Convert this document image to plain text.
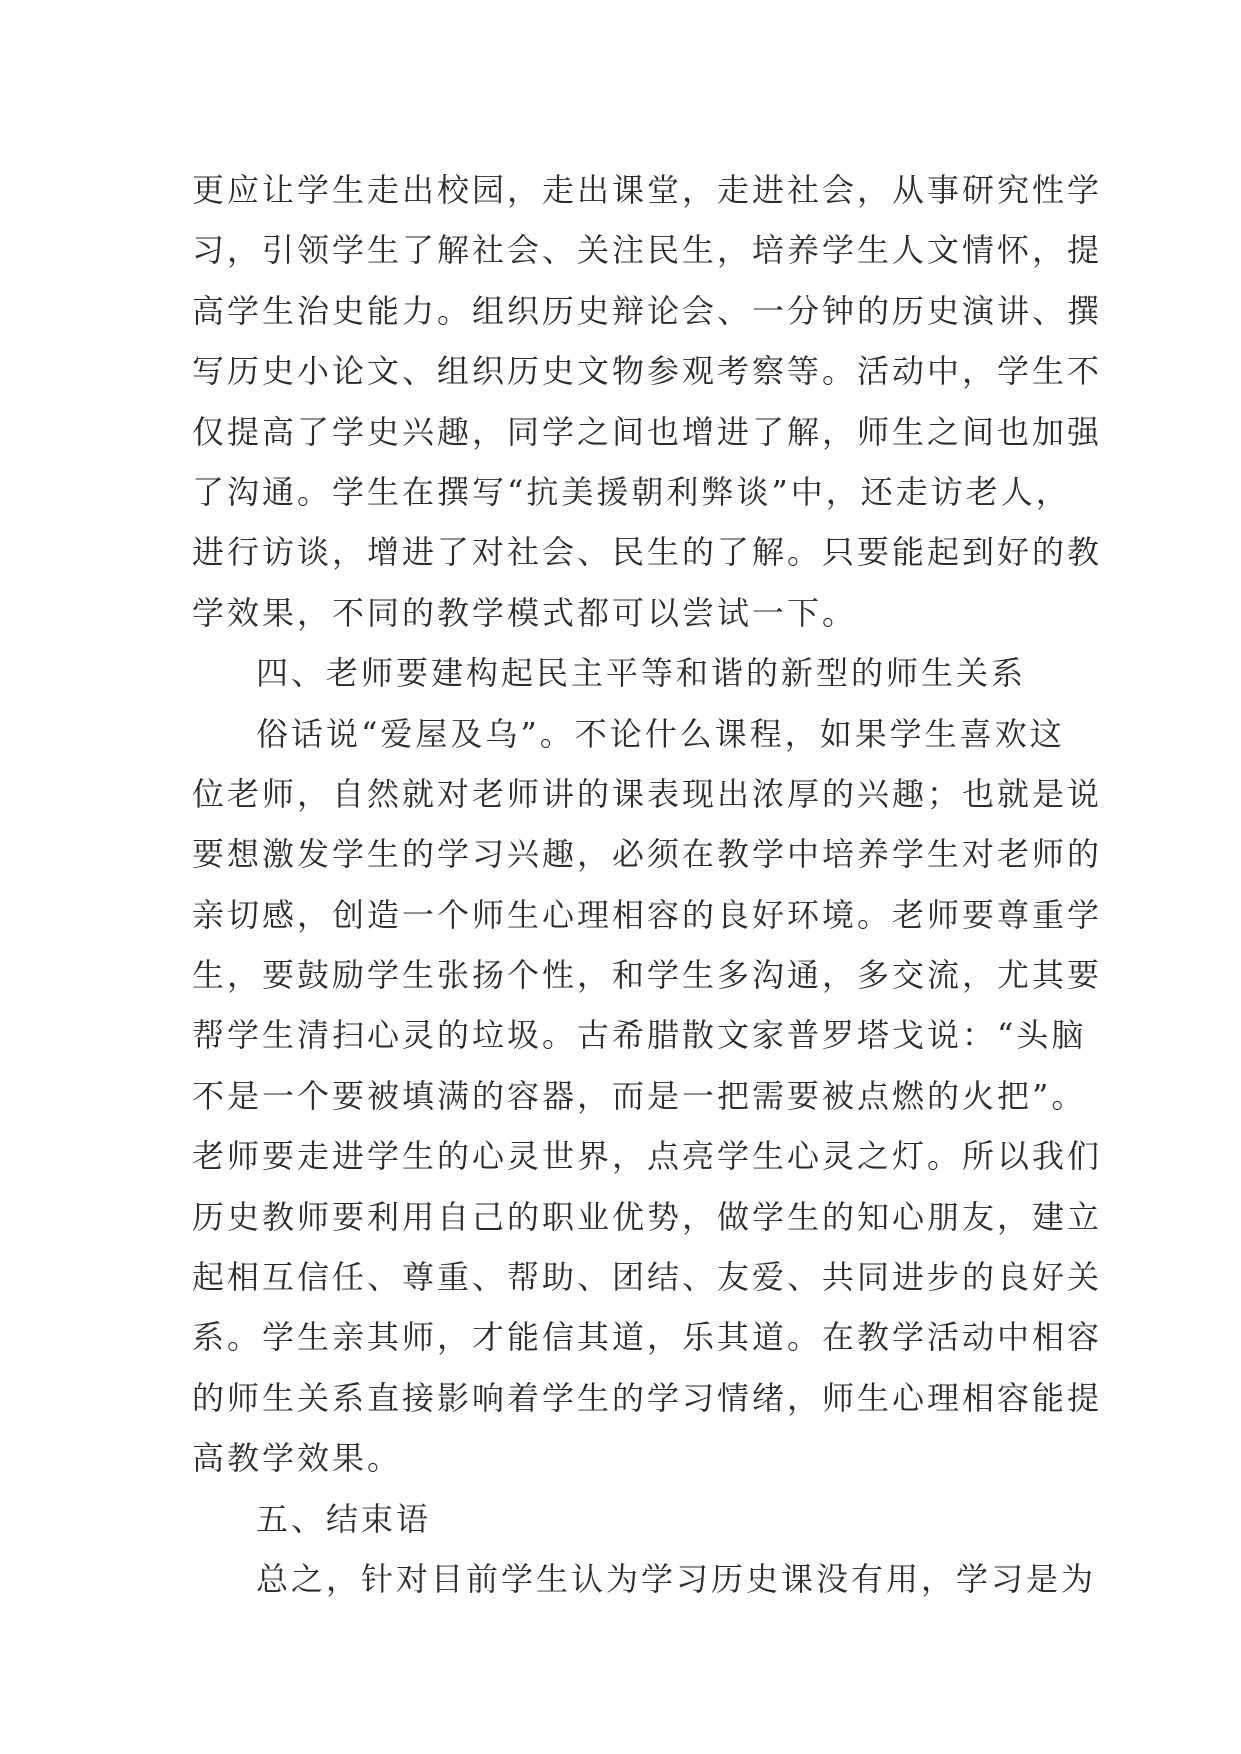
更应让学生走出校园，走出课堂，走进社会，从事研究性学

习，引领学生了解社会、关注民生，培养学生人文情怀，提

高学生治史能力。组织历史辩论会、一分钟的历史演讲、撰

写历史小论文、组织历史文物参观考察等。活动中，学生不

仅提高了学史兴趣，同学之间也增进了解，师生之间也加强

了沟通。学生在撰写“抗美援朝利弊谈”中，还走访老人，

进行访谈，增进了对社会、民生的了解。只要能起到好的教

学效果，不同的教学模式都可以尝试一下。

四、老师要建构起民主平等和谐的新型的师生关系

俗话说“爱屋及乌”。不论什么课程，如果学生喜欢这

位老师，自然就对老师讲的课表现出浓厚的兴趣；也就是说

要想激发学生的学习兴趣，必须在教学中培养学生对老师的

亲切感，创造一个师生心理相容的良好环境。老师要尊重学

生，要鼓励学生张扬个性，和学生多沟通，多交流，尤其要

帮学生清扫心灵的垃圾。古希腊散文家普罗塔戈说：“头脑

不是一个要被填满的容器，而是一把需要被点燃的火把”。

老师要走进学生的心灵世界，点亮学生心灵之灯。所以我们

历史教师要利用自己的职业优势，做学生的知心朋友，建立

起相互信任、尊重、帮助、团结、友爱、共同进步的良好关

系。学生亲其师，才能信其道，乐其道。在教学活动中相容

的师生关系直接影响着学生的学习情绪，师生心理相容能提

高教学效果。

五、结束语

总之，针对目前学生认为学习历史课没有用，学习是为
